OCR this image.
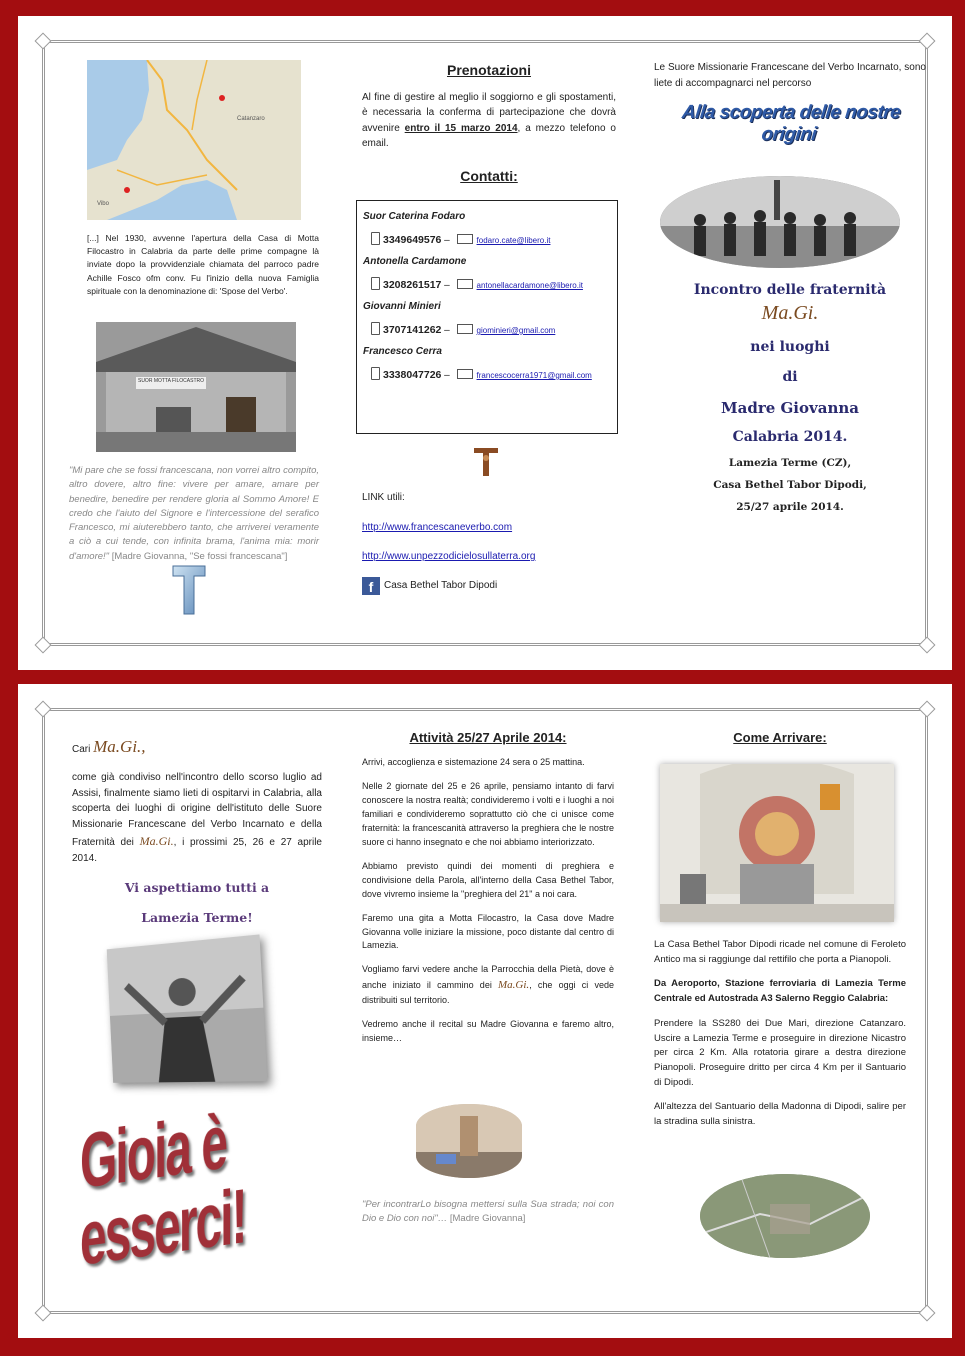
Catanzaro
Vibo
[...] Nel 1930, avvenne l'apertura della Casa di Motta Filocastro in Calabria da parte delle prime compagne là inviate dopo la provvidenziale chiamata del parroco padre Achille Fosco ofm conv. Fu l'inizio della nuova Famiglia spirituale con la denominazione di: 'Spose del Verbo'.
SUOR MOTTA FILOCASTRO
"Mi pare che se fossi francescana, non vorrei altro compito, altro dovere, altro fine: vivere per amare, amare per benedire, benedire per rendere gloria al Sommo Amore! E credo che l'aiuto del Signore e l'intercessione del serafico Francesco, mi aiuterebbero tanto, che arriverei veramente a ciò a cui tende, con infinita brama, l'anima mia: morir d'amore!" [Madre Giovanna, "Se fossi francescana"]
Prenotazioni
Al fine di gestire al meglio il soggiorno e gli spostamenti, è necessaria la conferma di partecipazione che dovrà avvenire entro il 15 marzo 2014, a mezzo telefono o email.
Contatti:
Suor Caterina Fodaro
3349649576 –	fodaro.cate@libero.it
Antonella Cardamone
3208261517 –	antonellacardamone@libero.it
Giovanni Minieri
3707141262 –	giominieri@gmail.com
Francesco Cerra
3338047726 –	francescocerra1971@gmail.com
LINK utili:
http://www.francescaneverbo.com
http://www.unpezzodicielosullaterra.org
f	Casa Bethel Tabor Dipodi
Le Suore Missionarie Francescane del Verbo Incarnato, sono liete di accompagnarci nel percorso
Alla scoperta delle nostre origini
Incontro delle fraternità
Ma.Gi.
nei luoghi
di
Madre Giovanna
Calabria 2014.
Lamezia Terme (CZ),
Casa Bethel Tabor Dipodi,
25/27 aprile 2014.
Cari Ma.Gi.,
come già condiviso nell'incontro dello scorso luglio ad Assisi, finalmente siamo lieti di ospitarvi in Calabria, alla scoperta dei luoghi di origine dell'istituto delle Suore Missionarie Francescane del Verbo Incarnato e della Fraternità dei Ma.Gi., i prossimi 25, 26 e 27 aprile 2014.
Vi aspettiamo tutti a
Lamezia Terme!
Gioia è esserci!
Attività 25/27 Aprile 2014:

Arrivi, accoglienza e sistemazione 24 sera o 25 mattina.

Nelle 2 giornate del 25 e 26 aprile, pensiamo intanto di farvi conoscere la nostra realtà; condivideremo i volti e i luoghi a noi familiari e condivideremo soprattutto ciò che ci unisce come fraternità: la francescanità attraverso la preghiera che le nostre suore ci hanno insegnato e che noi abbiamo interiorizzato.

Abbiamo previsto quindi dei momenti di preghiera e condivisione della Parola, all'interno della Casa Bethel Tabor, dove vivremo insieme la "preghiera del 21" a noi cara.

Faremo una gita a Motta Filocastro, la Casa dove Madre Giovanna volle iniziare la missione, poco distante dal centro di Lamezia.

Vogliamo farvi vedere anche la Parrocchia della Pietà, dove è anche iniziato il cammino dei Ma.Gi., che oggi ci vede distribuiti sul territorio.

Vedremo anche il recital su Madre Giovanna e faremo altro, insieme…

"Per incontrarLo bisogna mettersi sulla Sua strada; noi con Dio e Dio con noi"… [Madre Giovanna]
Come Arrivare:

La Casa Bethel Tabor Dipodi ricade nel comune di Feroleto Antico ma si raggiunge dal rettifilo che porta a Pianopoli.

Da Aeroporto, Stazione ferroviaria di Lamezia Terme Centrale ed Autostrada A3 Salerno Reggio Calabria:

Prendere la SS280 dei Due Mari, direzione Catanzaro. Uscire a Lamezia Terme e proseguire in direzione Nicastro per circa 2 Km. Alla rotatoria girare a destra direzione Pianopoli. Proseguire dritto per circa 4 Km per il Santuario di Dipodi.

All'altezza del Santuario della Madonna di Dipodi, salire per la stradina sulla sinistra.
